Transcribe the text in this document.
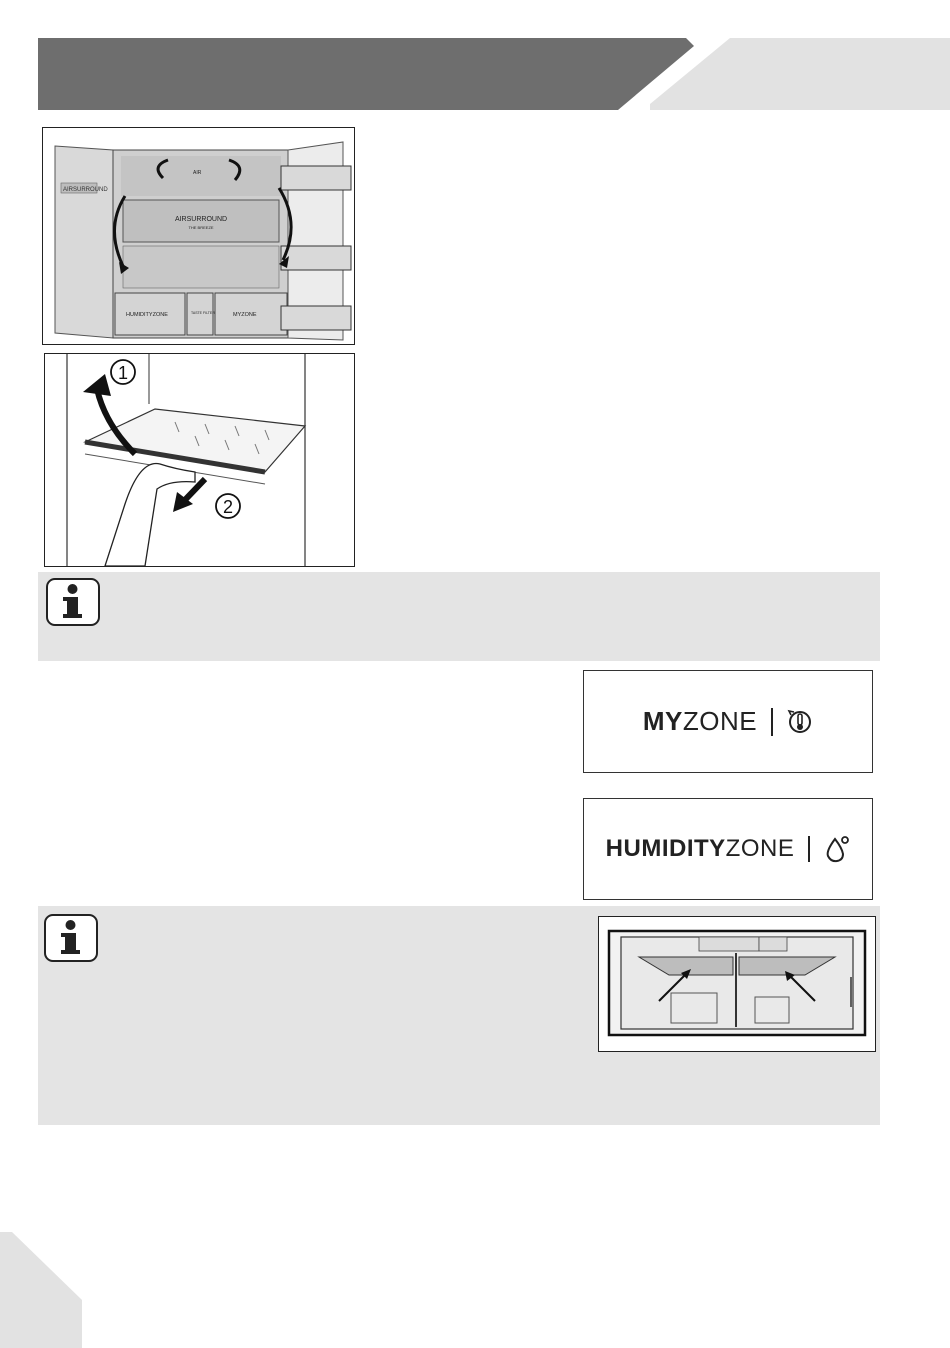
AIRSURROUND
AIRSURROUND
THE BREEZE
AIR
HUMIDITYZONE	TASTE FILTER	MYZONE
1
2
MY ZONE
HUMIDITY ZONE
